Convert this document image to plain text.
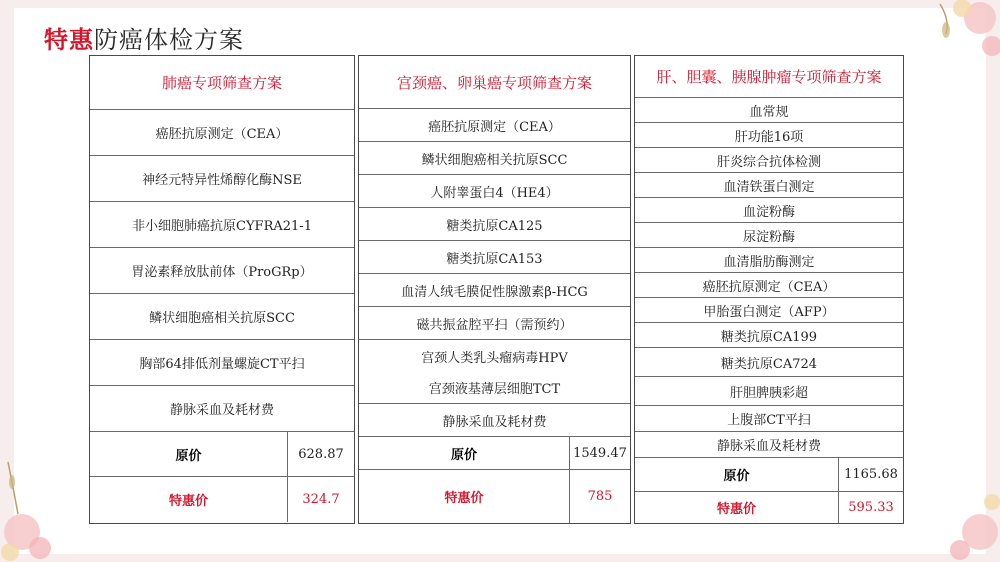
特惠防癌体检方案
肺癌专项筛查方案
癌胚抗原测定（CEA）
神经元特异性烯醇化酶NSE
非小细胞肺癌抗原CYFRA21-1
胃泌素释放肽前体（ProGRp）
鳞状细胞癌相关抗原SCC
胸部64排低剂量螺旋CT平扫
静脉采血及耗材费
原价	628.87
特惠价	324.7
宫颈癌、卵巢癌专项筛查方案
癌胚抗原测定（CEA）
鳞状细胞癌相关抗原SCC
人附睾蛋白4（HE4）
糖类抗原CA125
糖类抗原CA153
血清人绒毛膜促性腺激素β-HCG
磁共振盆腔平扫（需预约）
宫颈人类乳头瘤病毒HPV
宫颈液基薄层细胞TCT
静脉采血及耗材费
原价	1549.47
特惠价	785
肝、胆囊、胰腺肿瘤专项筛查方案
血常规
肝功能16项
肝炎综合抗体检测
血清铁蛋白测定
血淀粉酶
尿淀粉酶
血清脂肪酶测定
癌胚抗原测定（CEA）
甲胎蛋白测定（AFP）
糖类抗原CA199
糖类抗原CA724
肝胆脾胰彩超
上腹部CT平扫
静脉采血及耗材费
原价	1165.68
特惠价	595.33
